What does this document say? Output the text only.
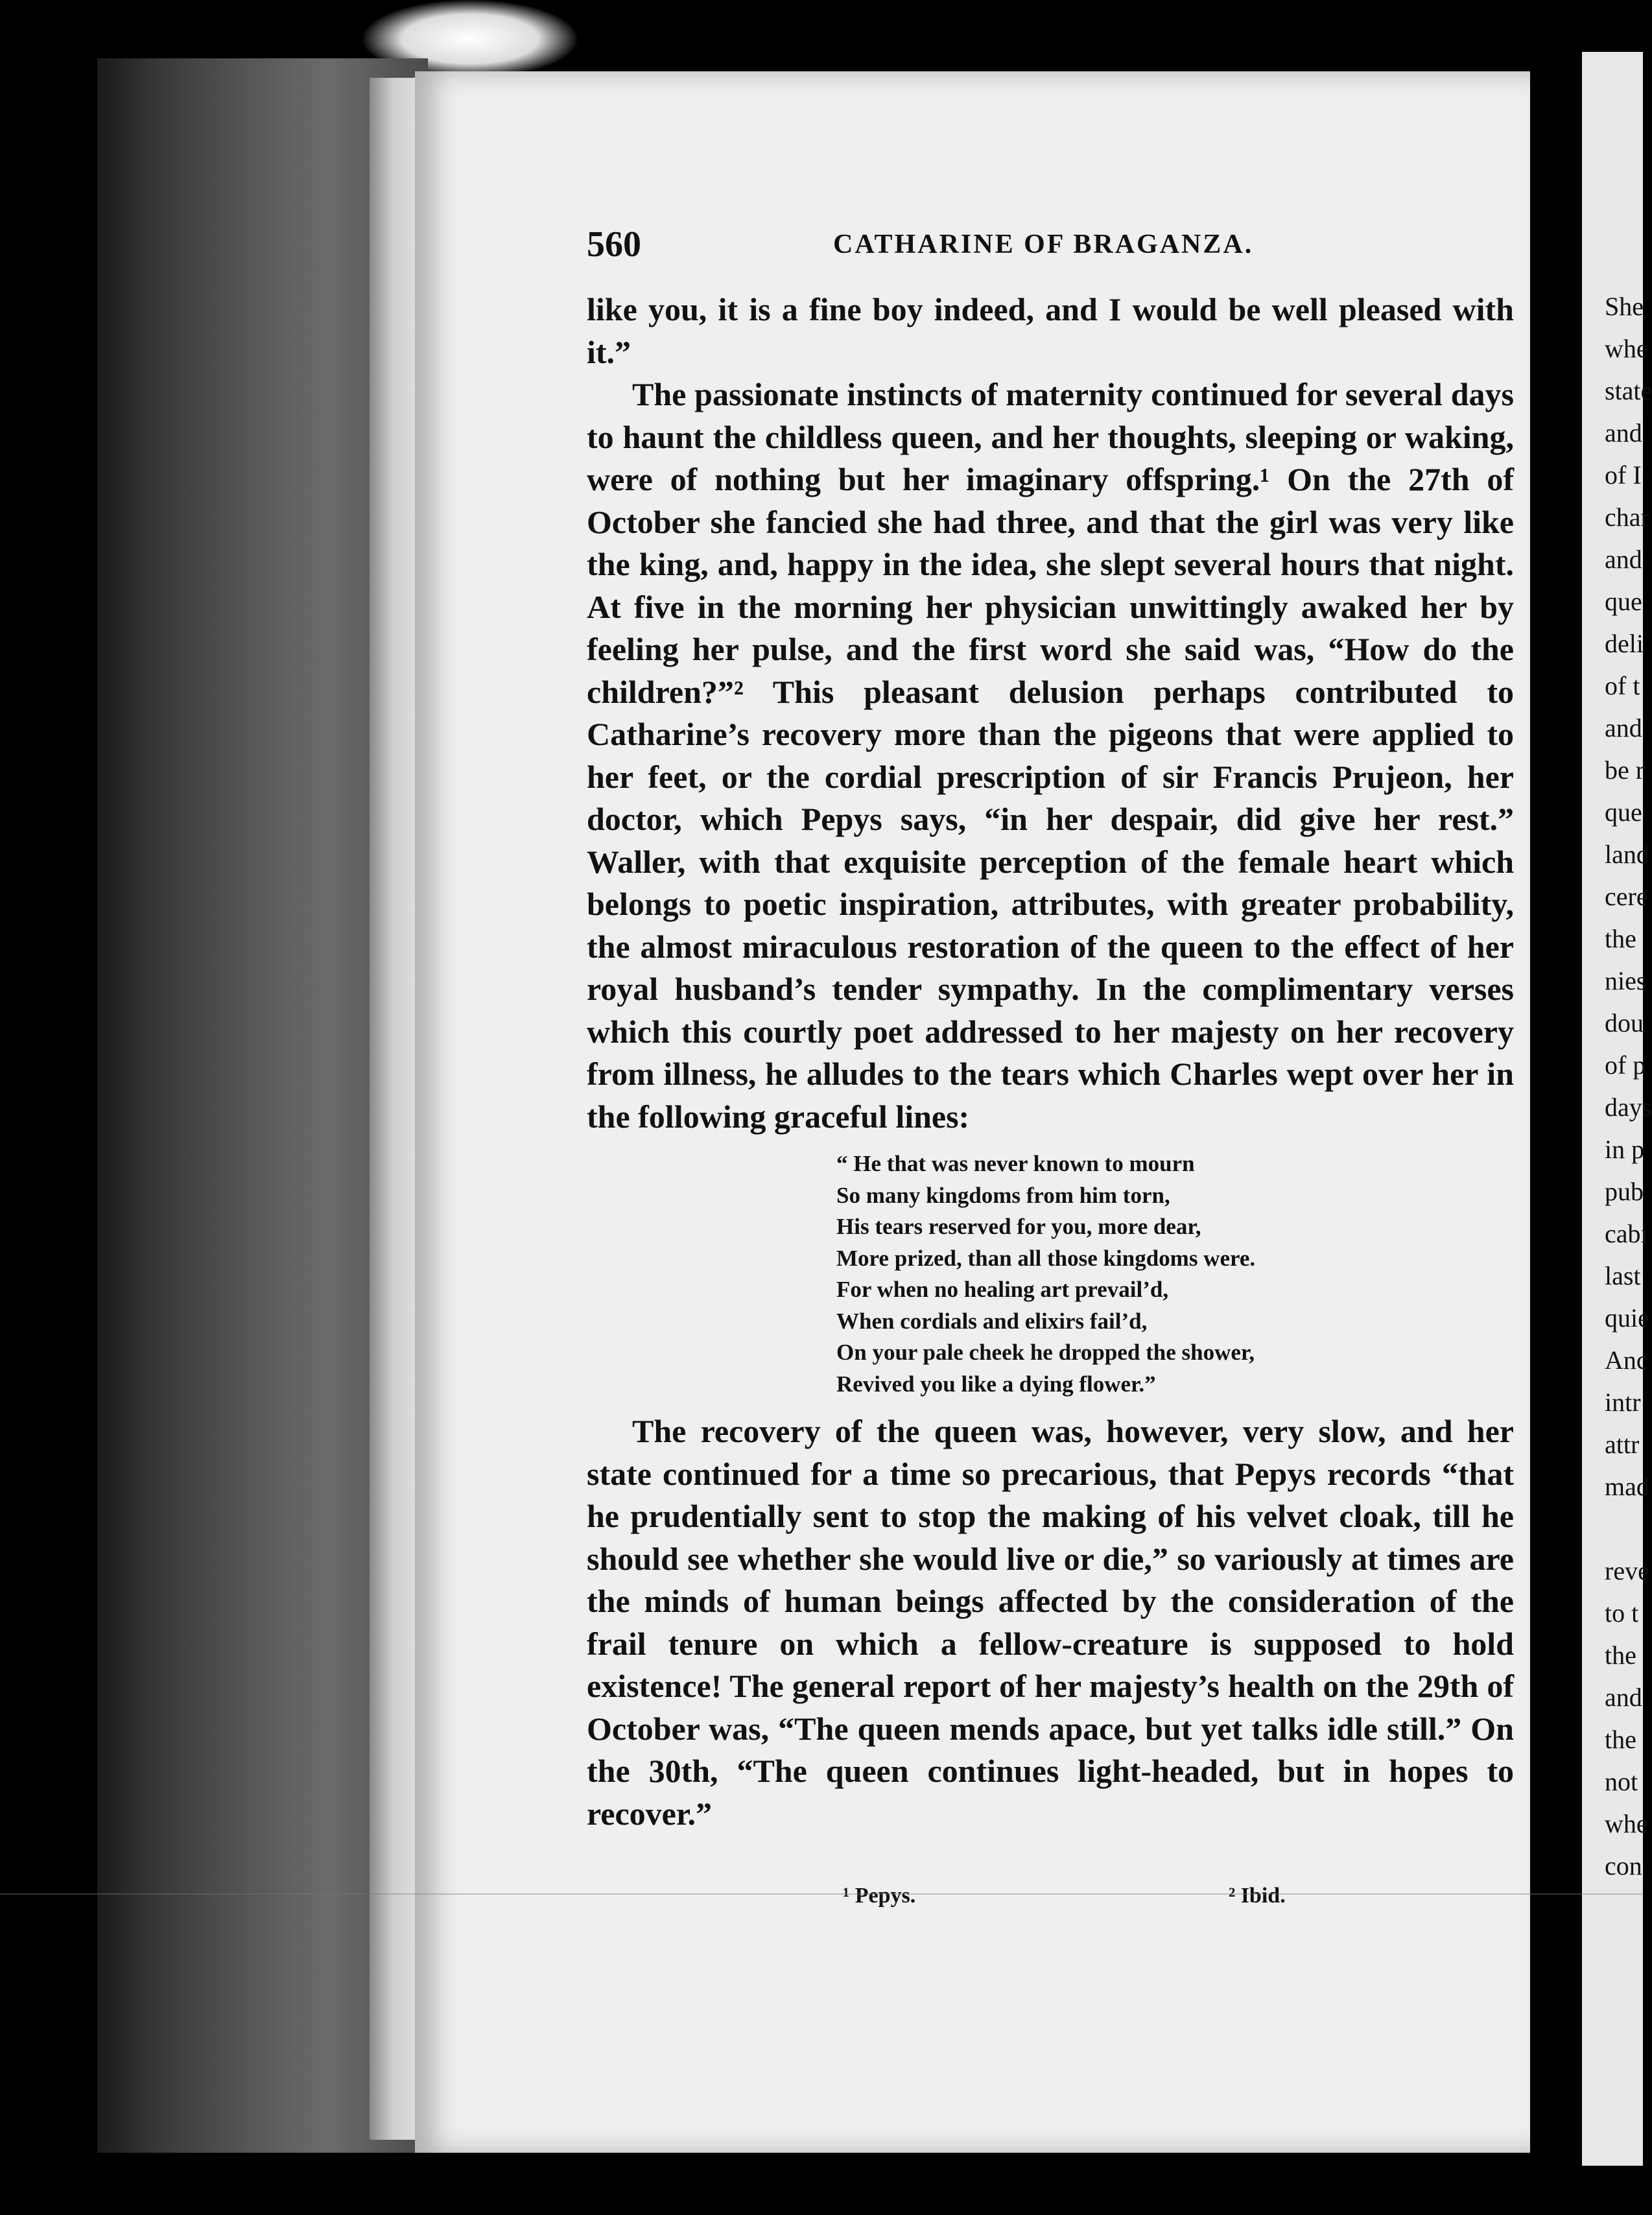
She
whe
state
and
of I
char
and
que
deli
of t
and
be r
que
land
cere
the
nies
dou
of p
days
in p
pub
cabi
last
quie
Anc
intr
attr
mad

reve
to t
the
and
the
not
whe
con
560	CATHARINE OF BRAGANZA.

like you, it is a fine boy indeed, and I would be well pleased with it.”

The passionate instincts of maternity continued for several days to haunt the childless queen, and her thoughts, sleeping or waking, were of nothing but her imaginary offspring.¹ On the 27th of October she fancied she had three, and that the girl was very like the king, and, happy in the idea, she slept several hours that night. At five in the morning her physician unwittingly awaked her by feeling her pulse, and the first word she said was, “How do the children?”² This pleasant delusion perhaps contributed to Catharine’s recovery more than the pigeons that were applied to her feet, or the cordial prescription of sir Francis Prujeon, her doctor, which Pepys says, “in her despair, did give her rest.” Waller, with that exquisite perception of the female heart which belongs to poetic inspiration, attributes, with greater probability, the almost miraculous restoration of the queen to the effect of her royal husband’s tender sympathy. In the complimentary verses which this courtly poet addressed to her majesty on her recovery from illness, he alludes to the tears which Charles wept over her in the following graceful lines:

“ He that was never known to mourn
So many kingdoms from him torn,
His tears reserved for you, more dear,
More prized, than all those kingdoms were.
For when no healing art prevail’d,
When cordials and elixirs fail’d,
On your pale cheek he dropped the shower,
Revived you like a dying flower.”

The recovery of the queen was, however, very slow, and her state continued for a time so precarious, that Pepys records “that he prudentially sent to stop the making of his velvet cloak, till he should see whether she would live or die,” so variously at times are the minds of human beings affected by the consideration of the frail tenure on which a fellow-creature is supposed to hold existence! The general report of her majesty’s health on the 29th of October was, “The queen mends apace, but yet talks idle still.” On the 30th, “The queen continues light-headed, but in hopes to recover.”

¹ Pepys.	² Ibid.
